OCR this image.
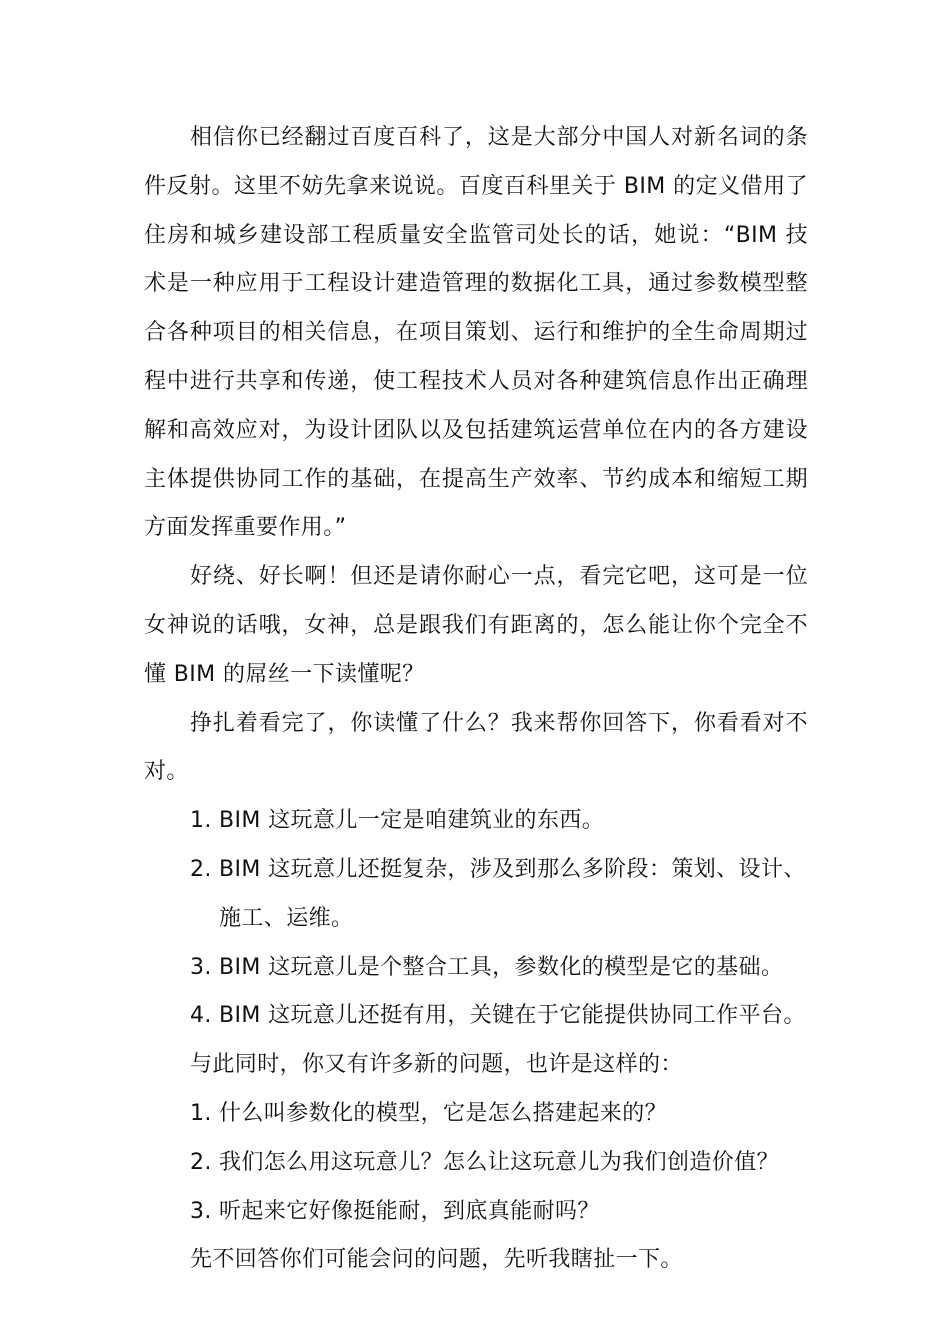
相信你已经翻过百度百科了，这是大部分中国人对新名词的条件反射。这里不妨先拿来说说。百度百科里关于 BIM 的定义借用了住房和城乡建设部工程质量安全监管司处长的话，她说：“BIM 技术是一种应用于工程设计建造管理的数据化工具，通过参数模型整合各种项目的相关信息，在项目策划、运行和维护的全生命周期过程中进行共享和传递，使工程技术人员对各种建筑信息作出正确理解和高效应对，为设计团队以及包括建筑运营单位在内的各方建设主体提供协同工作的基础，在提高生产效率、节约成本和缩短工期方面发挥重要作用。”

好绕、好长啊！但还是请你耐心一点，看完它吧，这可是一位女神说的话哦，女神，总是跟我们有距离的，怎么能让你个完全不懂 BIM 的屌丝一下读懂呢？

挣扎着看完了，你读懂了什么？我来帮你回答下，你看看对不对。

1. BIM 这玩意儿一定是咱建筑业的东西。
2. BIM 这玩意儿还挺复杂，涉及到那么多阶段：策划、设计、施工、运维。
3. BIM 这玩意儿是个整合工具，参数化的模型是它的基础。
4. BIM 这玩意儿还挺有用，关键在于它能提供协同工作平台。

与此同时，你又有许多新的问题，也许是这样的：

1. 什么叫参数化的模型，它是怎么搭建起来的？
2. 我们怎么用这玩意儿？怎么让这玩意儿为我们创造价值？
3. 听起来它好像挺能耐，到底真能耐吗？

先不回答你们可能会问的问题，先听我瞎扯一下。
